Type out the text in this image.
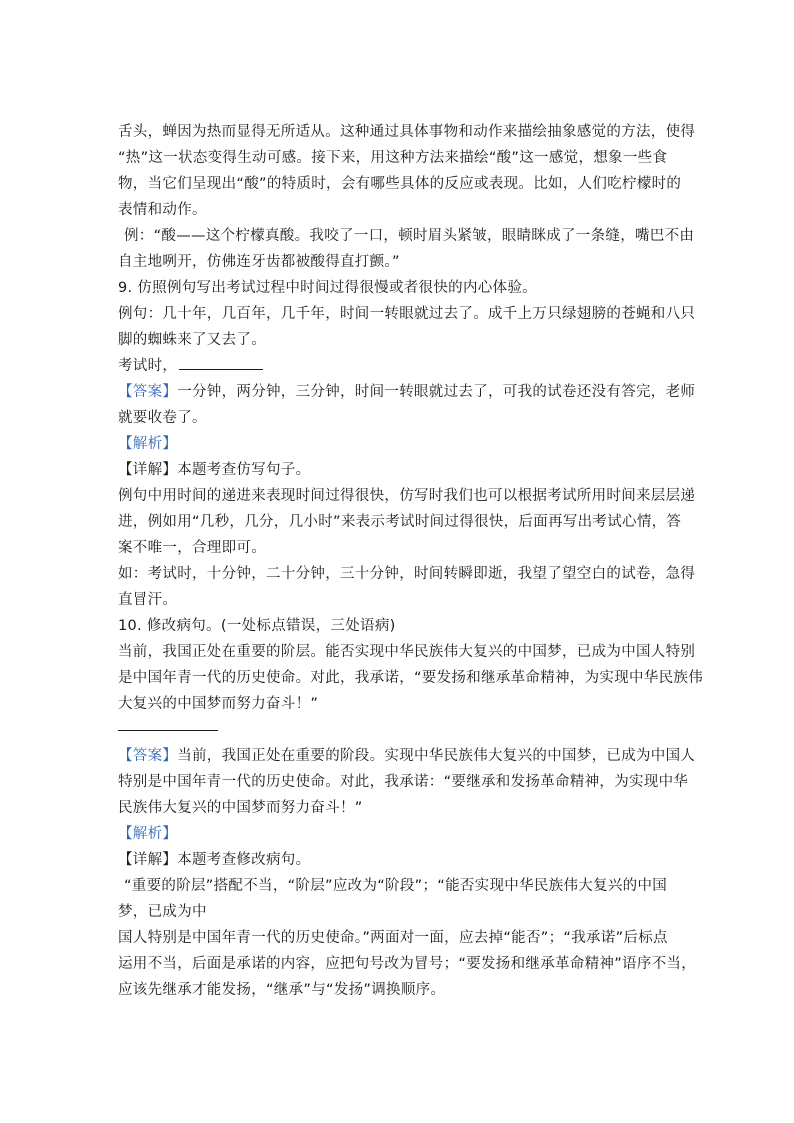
舌头，蝉因为热而显得无所适从。这种通过具体事物和动作来描绘抽象感觉的方法，使得
“热”这一状态变得生动可感。接下来，用这种方法来描绘“酸”这一感觉，想象一些食
物，当它们呈现出“酸”的特质时，会有哪些具体的反应或表现。比如，人们吃柠檬时的
表情和动作。
例：“酸——这个柠檬真酸。我咬了一口，顿时眉头紧皱，眼睛眯成了一条缝，嘴巴不由
自主地咧开，仿佛连牙齿都被酸得直打颤。”
9. 仿照例句写出考试过程中时间过得很慢或者很快的内心体验。
例句：几十年，几百年，几千年，时间一转眼就过去了。成千上万只绿翅膀的苍蝇和八只
脚的蜘蛛来了又去了。
考试时，
【答案】一分钟，两分钟，三分钟，时间一转眼就过去了，可我的试卷还没有答完，老师
就要收卷了。
【解析】
【详解】本题考查仿写句子。
例句中用时间的递进来表现时间过得很快，仿写时我们也可以根据考试所用时间来层层递
进，例如用“几秒，几分，几小时”来表示考试时间过得很快，后面再写出考试心情，答
案不唯一，合理即可。
如：考试时，十分钟，二十分钟，三十分钟，时间转瞬即逝，我望了望空白的试卷，急得
直冒汗。
10. 修改病句。(一处标点错误，三处语病)
当前，我国正处在重要的阶层。能否实现中华民族伟大复兴的中国梦，已成为中国人特别
是中国年青一代的历史使命。对此，我承诺，“要发扬和继承革命精神，为实现中华民族伟
大复兴的中国梦而努力奋斗！”
【答案】当前，我国正处在重要的阶段。实现中华民族伟大复兴的中国梦，已成为中国人
特别是中国年青一代的历史使命。对此，我承诺：“要继承和发扬革命精神，为实现中华
民族伟大复兴的中国梦而努力奋斗！”
【解析】
【详解】本题考查修改病句。
“重要的阶层”搭配不当，“阶层”应改为“阶段”；“能否实现中华民族伟大复兴的中国
梦，已成为中
国人特别是中国年青一代的历史使命。”两面对一面，应去掉“能否”；“我承诺”后标点
运用不当，后面是承诺的内容，应把句号改为冒号；“要发扬和继承革命精神”语序不当，
应该先继承才能发扬，“继承”与“发扬”调换顺序。
